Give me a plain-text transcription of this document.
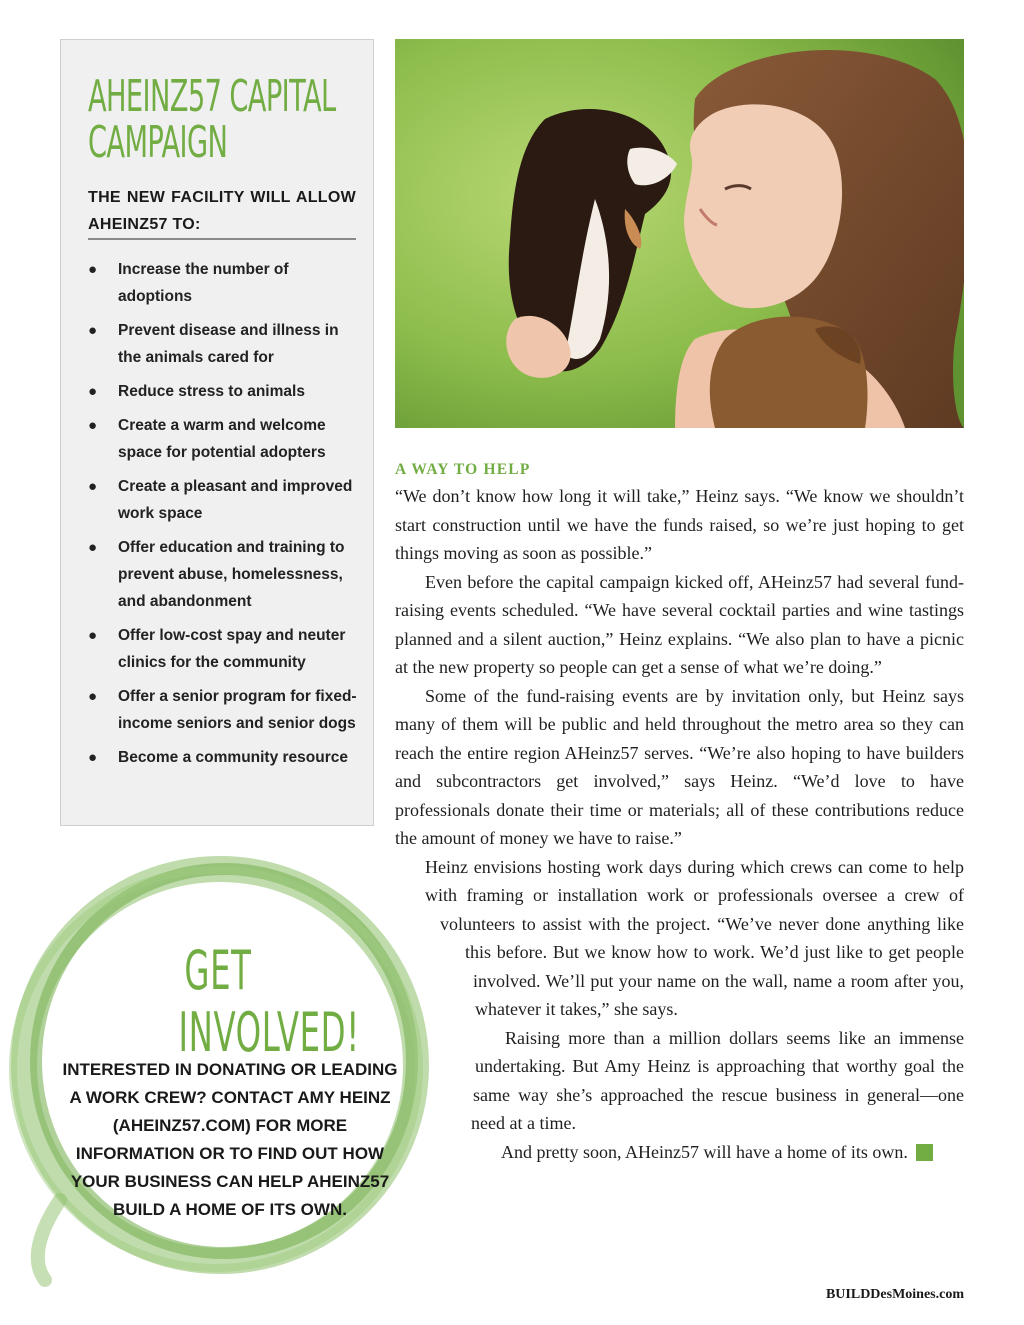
AHEINZ57 CAPITAL
CAMPAIGN

THE NEW FACILITY WILL ALLOW AHEINZ57 TO:

● Increase the number of adoptions
● Prevent disease and illness in the animals cared for
● Reduce stress to animals
● Create a warm and welcome space for potential adopters
● Create a pleasant and improved work space
● Offer education and training to prevent abuse, homelessness, and abandonment
● Offer low-cost spay and neuter clinics for the community
● Offer a senior program for fixed-income seniors and senior dogs
● Become a community resource
A WAY TO HELP

“We don’t know how long it will take,” Heinz says. “We know we shouldn’t start construction until we have the funds raised, so we’re just hoping to get things moving as soon as possible.”

Even before the capital campaign kicked off, AHeinz57 had several fund-raising events scheduled. “We have several cocktail parties and wine tastings planned and a silent auction,” Heinz explains. “We also plan to have a picnic at the new property so people can get a sense of what we’re doing.”

Some of the fund-raising events are by invitation only, but Heinz says many of them will be public and held throughout the metro area so they can reach the entire region AHeinz57 serves. “We’re also hoping to have builders and subcontractors get involved,” says Heinz. “We’d love to have professionals donate their time or materials; all of these contributions reduce the amount of money we have to raise.”

Heinz envisions hosting work days during which crews can come to help with framing or installation work or professionals oversee a crew of volunteers to assist with the project. “We’ve never done anything like this before. But we know how to work. We’d just like to get people involved. We’ll put your name on the wall, name a room after you, whatever it takes,” she says.

Raising more than a million dollars seems like an immense undertaking. But Amy Heinz is approaching that worthy goal the same way she’s approached the rescue business in general—one need at a time.

And pretty soon, AHeinz57 will have a home of its own.	B

GET
INVOLVED!

INTERESTED IN DONATING OR LEADING A WORK CREW? CONTACT AMY HEINZ (AHEINZ57.COM) FOR MORE INFORMATION OR TO FIND OUT HOW YOUR BUSINESS CAN HELP AHEINZ57 BUILD A HOME OF ITS OWN.

BUILDDesMoines.com
